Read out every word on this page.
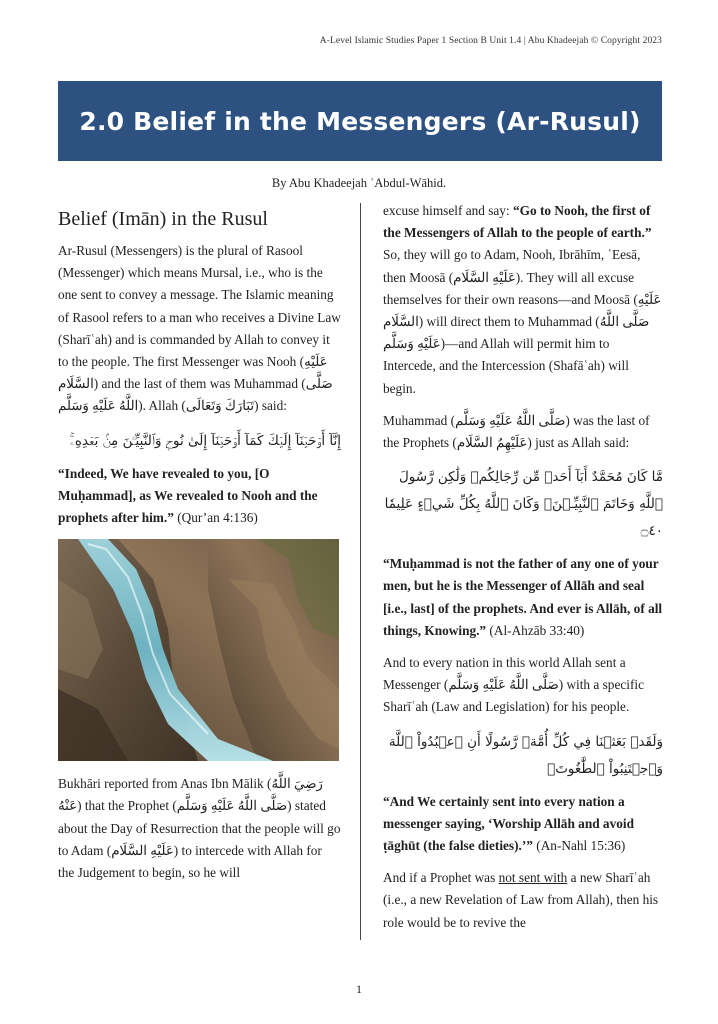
A-Level Islamic Studies Paper 1 Section B Unit 1.4 | Abu Khadeejah © Copyright 2023
2.0 Belief in the Messengers (Ar-Rusul)
By Abu Khadeejah ʿAbdul-Wāhid.
Belief (Imān) in the Rusul

Ar-Rusul (Messengers) is the plural of Rasool (Messenger) which means Mursal, i.e., who is the one sent to convey a message. The Islamic meaning of Rasool refers to a man who receives a Divine Law (Sharīʿah) and is commanded by Allah to convey it to the people. The first Messenger was Nooh (عَلَيْهِ السَّلَام) and the last of them was Muhammad (صَلَّى اللَّهُ عَلَيْهِ وَسَلَّم). Allah (تَبَارَكَ وَتَعَالَى) said:

إِنَّآ أَوۡحَيۡنَآ إِلَيۡكَ كَمَآ أَوۡحَيۡنَآ إِلَىٰ نُوحٖ وَٱلنَّبِيِّـۧنَ مِنۢ بَعۡدِهِۦۚ

“Indeed, We have revealed to you, [O Muḥammad], as We revealed to Nooh and the prophets after him.” (Qur’an 4:136)

Bukhāri reported from Anas Ibn Mālik (رَضِيَ اللَّهُ عَنْهُ) that the Prophet (صَلَّى اللَّهُ عَلَيْهِ وَسَلَّم) stated about the Day of Resurrection that the people will go to Adam (عَلَيْهِ السَّلَام) to intercede with Allah for the Judgement to begin, so he will

excuse himself and say: “Go to Nooh, the first of the Messengers of Allah to the people of earth.” So, they will go to Adam, Nooh, Ibrāhīm, ʿEesā, then Moosā (عَلَيْهِ السَّلَام). They will all excuse themselves for their own reasons—and Moosā (عَلَيْهِ السَّلَام) will direct them to Muhammad (صَلَّى اللَّهُ عَلَيْهِ وَسَلَّم)—and Allah will permit him to Intercede, and the Intercession (Shafāʿah) will begin.

Muhammad (صَلَّى اللَّهُ عَلَيْهِ وَسَلَّم) was the last of the Prophets (عَلَيْهِمُ السَّلَام) just as Allah said:

مَّا كَانَ مُحَمَّدٌ أَبَآ أَحَدٖ مِّن رِّجَالِكُمۡ وَلَٰكِن رَّسُولَ ٱللَّهِ وَخَاتَمَ ٱلنَّبِيِّـۧنَۗ وَكَانَ ٱللَّهُ بِكُلِّ شَيۡءٍ عَلِيمٗا ۝٤٠

“Muḥammad is not the father of any one of your men, but he is the Messenger of Allāh and seal [i.e., last] of the prophets. And ever is Allāh, of all things, Knowing.” (Al-Ahzāb 33:40)

And to every nation in this world Allah sent a Messenger (صَلَّى اللَّهُ عَلَيْهِ وَسَلَّم) with a specific Sharīʿah (Law and Legislation) for his people.

وَلَقَدۡ بَعَثۡنَا فِي كُلِّ أُمَّةٖ رَّسُولًا أَنِ ٱعۡبُدُواْ ٱللَّهَ وَٱجۡتَنِبُواْ ٱلطَّٰغُوتَۖ

“And We certainly sent into every nation a messenger saying, ‘Worship Allāh and avoid ṭāghūt (the false dieties).’” (An-Nahl 15:36)

And if a Prophet was not sent with a new Sharīʿah (i.e., a new Revelation of Law from Allah), then his role would be to revive the

1
